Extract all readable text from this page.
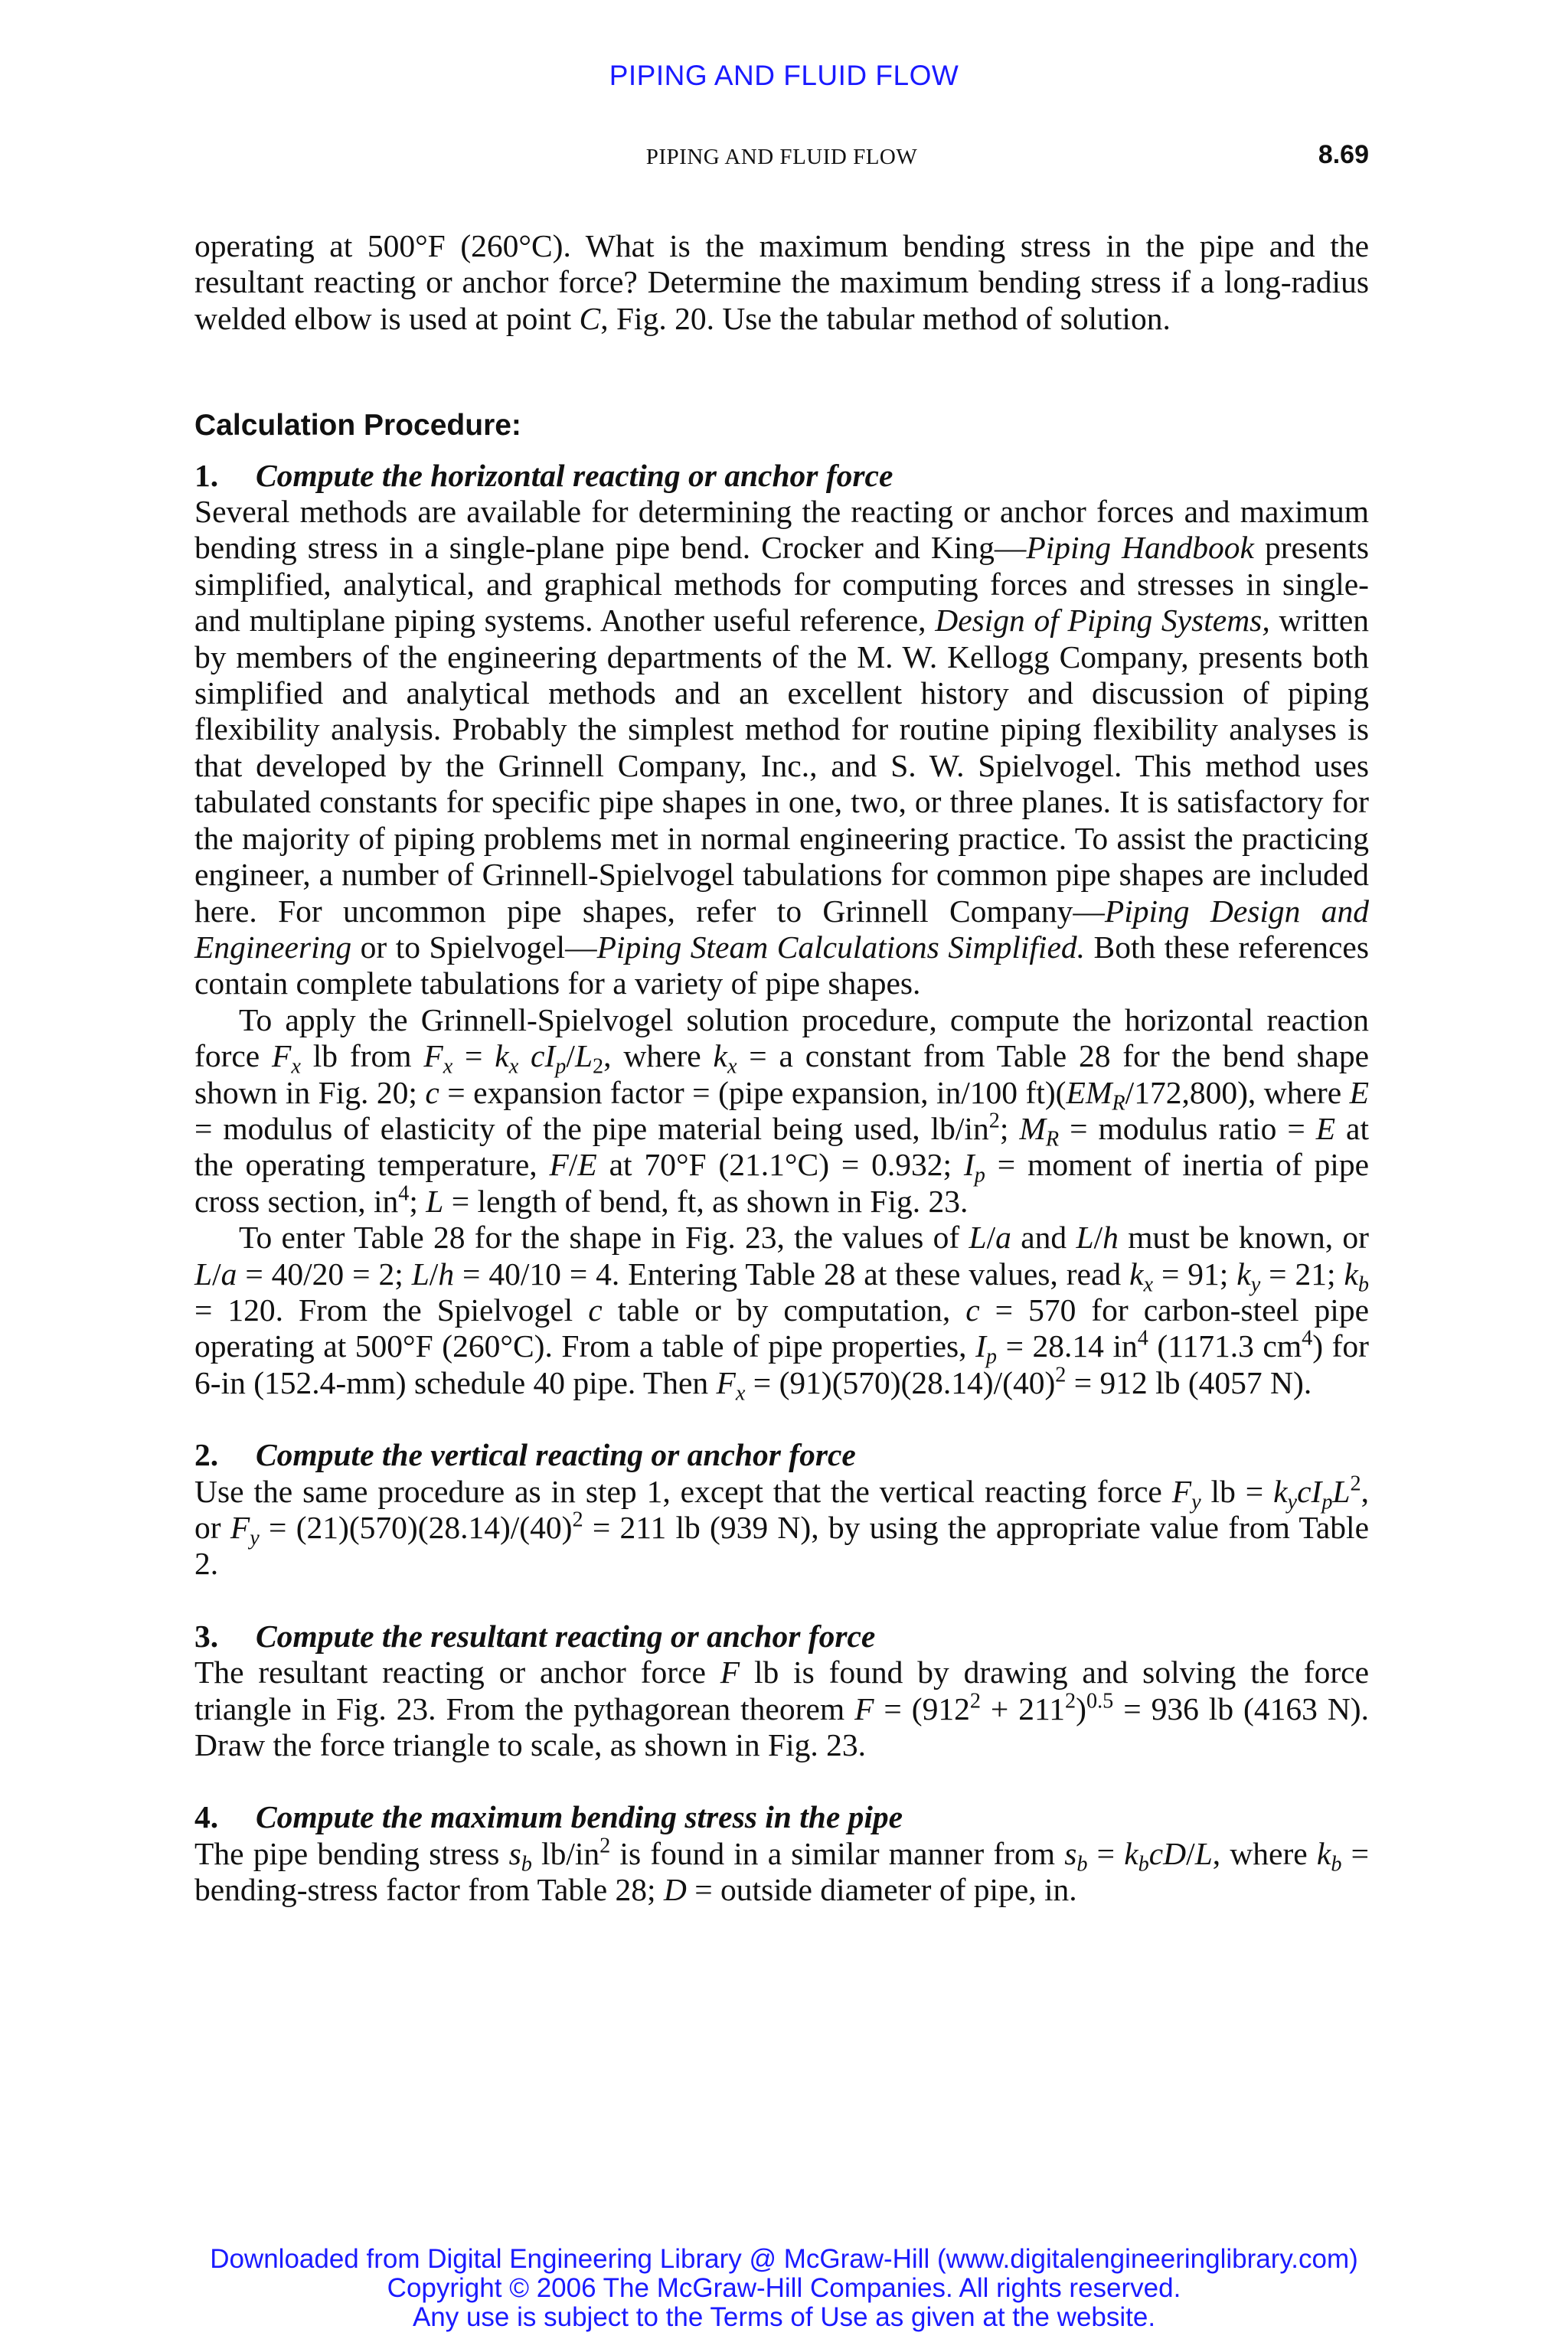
PIPING AND FLUID FLOW
PIPING AND FLUID FLOW	8.69

operating at 500°F (260°C). What is the maximum bending stress in the pipe and the resultant reacting or anchor force? Determine the maximum bending stress if a long-radius welded elbow is used at point C, Fig. 20. Use the tabular method of solution.

Calculation Procedure:

1. Compute the horizontal reacting or anchor force

Several methods are available for determining the reacting or anchor forces and maximum bending stress in a single-plane pipe bend. Crocker and King—Piping Handbook presents simplified, analytical, and graphical methods for computing forces and stresses in single- and multiplane piping systems. Another useful reference, Design of Piping Systems, written by members of the engineering departments of the M. W. Kellogg Company, presents both simplified and analytical methods and an excellent history and discussion of piping flexibility analysis. Probably the simplest method for routine piping flexibility analyses is that developed by the Grinnell Company, Inc., and S. W. Spielvogel. This method uses tabulated constants for specific pipe shapes in one, two, or three planes. It is satisfactory for the majority of piping problems met in normal engineering practice. To assist the practicing engineer, a number of Grinnell-Spielvogel tabulations for common pipe shapes are included here. For uncommon pipe shapes, refer to Grinnell Company—Piping Design and Engineering or to Spielvogel—Piping Steam Calculations Simplified. Both these references contain complete tabulations for a variety of pipe shapes.

To apply the Grinnell-Spielvogel solution procedure, compute the horizontal reaction force $F_x$ lb from $F_x = k_x$ $cI_p/L_2$, where $k_x = a$ constant from Table 28 for the bend shape shown in Fig. 20; c = expansion factor = (pipe expansion, in/100 $ft)(EM_R/172,800)$, where E = modulus of elasticity of the pipe material being used, $lb/in^2$; $M_R$ = modulus ratio = E at the operating temperature, F/E at 70°F (21.1°C) = 0.932; $I_p$ = moment of inertia of pipe cross section, $in^4$; L = length of bend, ft, as shown in Fig. 23.

To enter Table 28 for the shape in Fig. 23, the values of L/a and L/h must be known, or L/a = 40/20 = 2; L/h = 40/10 = 4. Entering Table 28 at these values, read $k_x = 91$; $k_y = 21$; $k_b = 120$. From the Spielvogel c table or by computation, c = 570 for carbon-steel pipe operating at 500°F (260°C). From a table of pipe properties, $I_p = 28.14$ $in^4$ (1171.3 $cm^4$) for 6-in (152.4-mm) schedule 40 pipe. Then $F_x = (91)(570)(28.14)/(40)^2 = 912$ lb (4057 N).

2. Compute the vertical reacting or anchor force

Use the same procedure as in step 1, except that the vertical reacting force $F_y$ lb = $k_ycI_pL^2$, or $F_y = (21)(570)(28.14)/(40)^2 = 211$ lb (939 N), by using the appropriate value from Table 2.

3. Compute the resultant reacting or anchor force

The resultant reacting or anchor force F lb is found by drawing and solving the force triangle in Fig. 23. From the pythagorean theorem $F = (912^2 + 211^2)^{0.5} = 936$ lb (4163 N). Draw the force triangle to scale, as shown in Fig. 23.

4. Compute the maximum bending stress in the pipe

The pipe bending stress $s_b$ $lb/in^2$ is found in a similar manner from $s_b = k_bcD/L$, where $k_b$ = bending-stress factor from Table 28; D = outside diameter of pipe, in.

Downloaded from Digital Engineering Library @ McGraw-Hill (www.digitalengineeringlibrary.com)
Copyright © 2006 The McGraw-Hill Companies. All rights reserved.
Any use is subject to the Terms of Use as given at the website.
